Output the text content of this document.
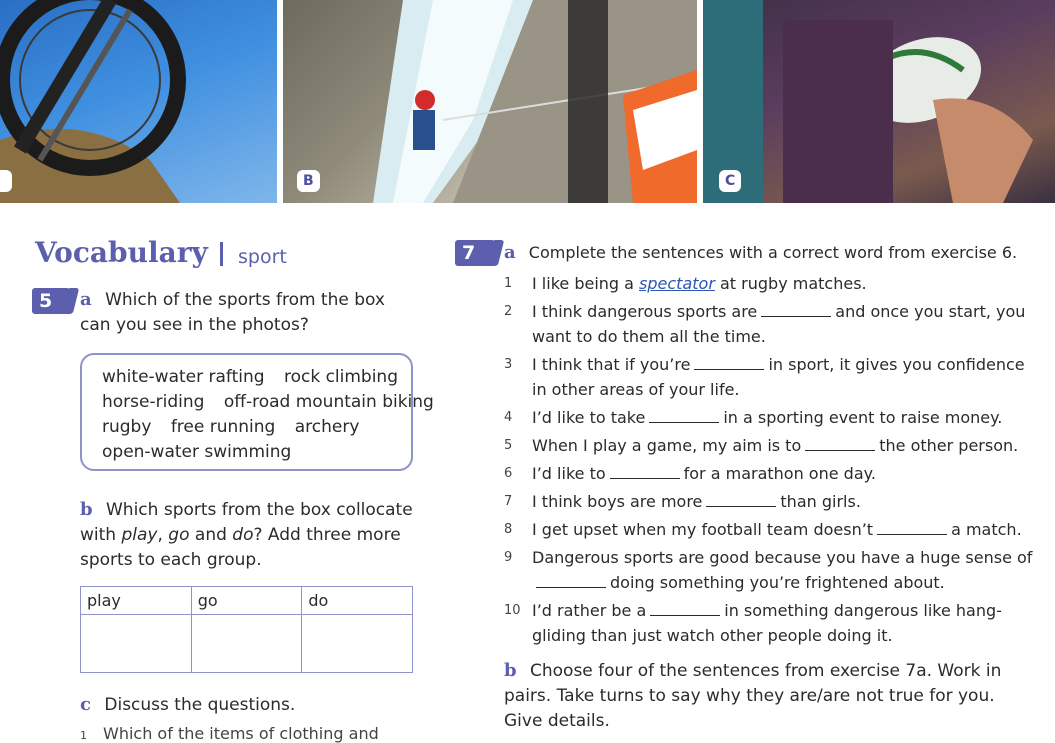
B	C
Vocabulary sport
5	a Which of the sports from the box
can you see in the photos?
white-water rafting rock climbing
horse-riding off-road mountain biking
rugby free running archery
open-water swimming
b Which sports from the box collocate
with play, go and do? Add three more
sports to each group.
play	go	do

c Discuss the questions.
1 Which of the items of clothing and
7	a Complete the sentences with a correct word from exercise 6.
1	I like being a spectator at rugby matches.
2	I think dangerous sports are	and once you start, you want to do them all the time.
3	I think that if you’re	in sport, it gives you confidence in other areas of your life.
4	I’d like to take	in a sporting event to raise money.
5	When I play a game, my aim is to	the other person.
6	I’d like to	for a marathon one day.
7	I think boys are more	than girls.
8	I get upset when my football team doesn’t	a match.
9	Dangerous sports are good because you have a huge sense ofdoing something you’re frightened about.
10 I’d rather be a	in something dangerous like hang-gliding than just watch other people doing it.
b Choose four of the sentences from exercise 7a. Work in
pairs. Take turns to say why they are/are not true for you.
Give details.
